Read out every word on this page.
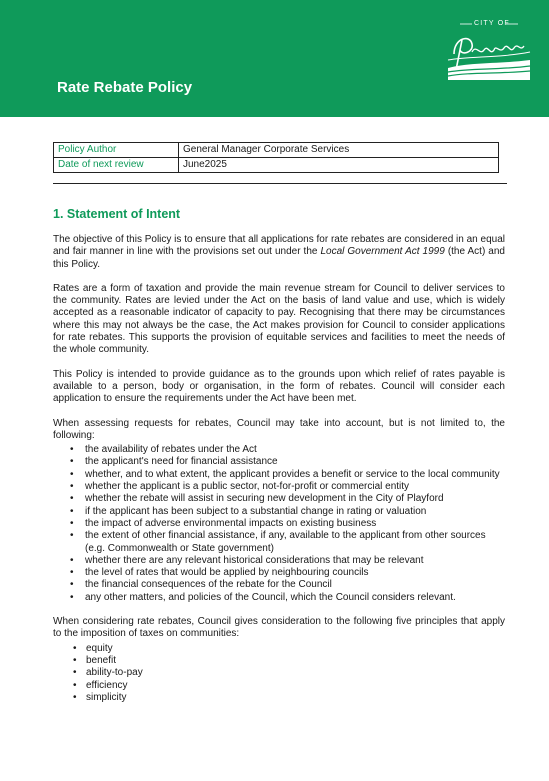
Rate Rebate Policy
CITY OF
Policy Author	General Manager Corporate Services
Date of next review	June2025
1. Statement of Intent

The objective of this Policy is to ensure that all applications for rate rebates are considered in an equal and fair manner in line with the provisions set out under the Local Government Act 1999 (the Act) and this Policy.

Rates are a form of taxation and provide the main revenue stream for Council to deliver services to the community. Rates are levied under the Act on the basis of land value and use, which is widely accepted as a reasonable indicator of capacity to pay. Recognising that there may be circumstances where this may not always be the case, the Act makes provision for Council to consider applications for rate rebates. This supports the provision of equitable services and facilities to meet the needs of the whole community.

This Policy is intended to provide guidance as to the grounds upon which relief of rates payable is available to a person, body or organisation, in the form of rebates. Council will consider each application to ensure the requirements under the Act have been met.

When assessing requests for rebates, Council may take into account, but is not limited to, the following:

• the availability of rebates under the Act
• the applicant's need for financial assistance
• whether, and to what extent, the applicant provides a benefit or service to the local community
• whether the applicant is a public sector, not-for-profit or commercial entity
• whether the rebate will assist in securing new development in the City of Playford
• if the applicant has been subject to a substantial change in rating or valuation
• the impact of adverse environmental impacts on existing business
• the extent of other financial assistance, if any, available to the applicant from other sources (e.g. Commonwealth or State government)
• whether there are any relevant historical considerations that may be relevant
• the level of rates that would be applied by neighbouring councils
• the financial consequences of the rebate for the Council
• any other matters, and policies of the Council, which the Council considers relevant.

When considering rate rebates, Council gives consideration to the following five principles that apply to the imposition of taxes on communities:

• equity
• benefit
• ability-to-pay
• efficiency
• simplicity
